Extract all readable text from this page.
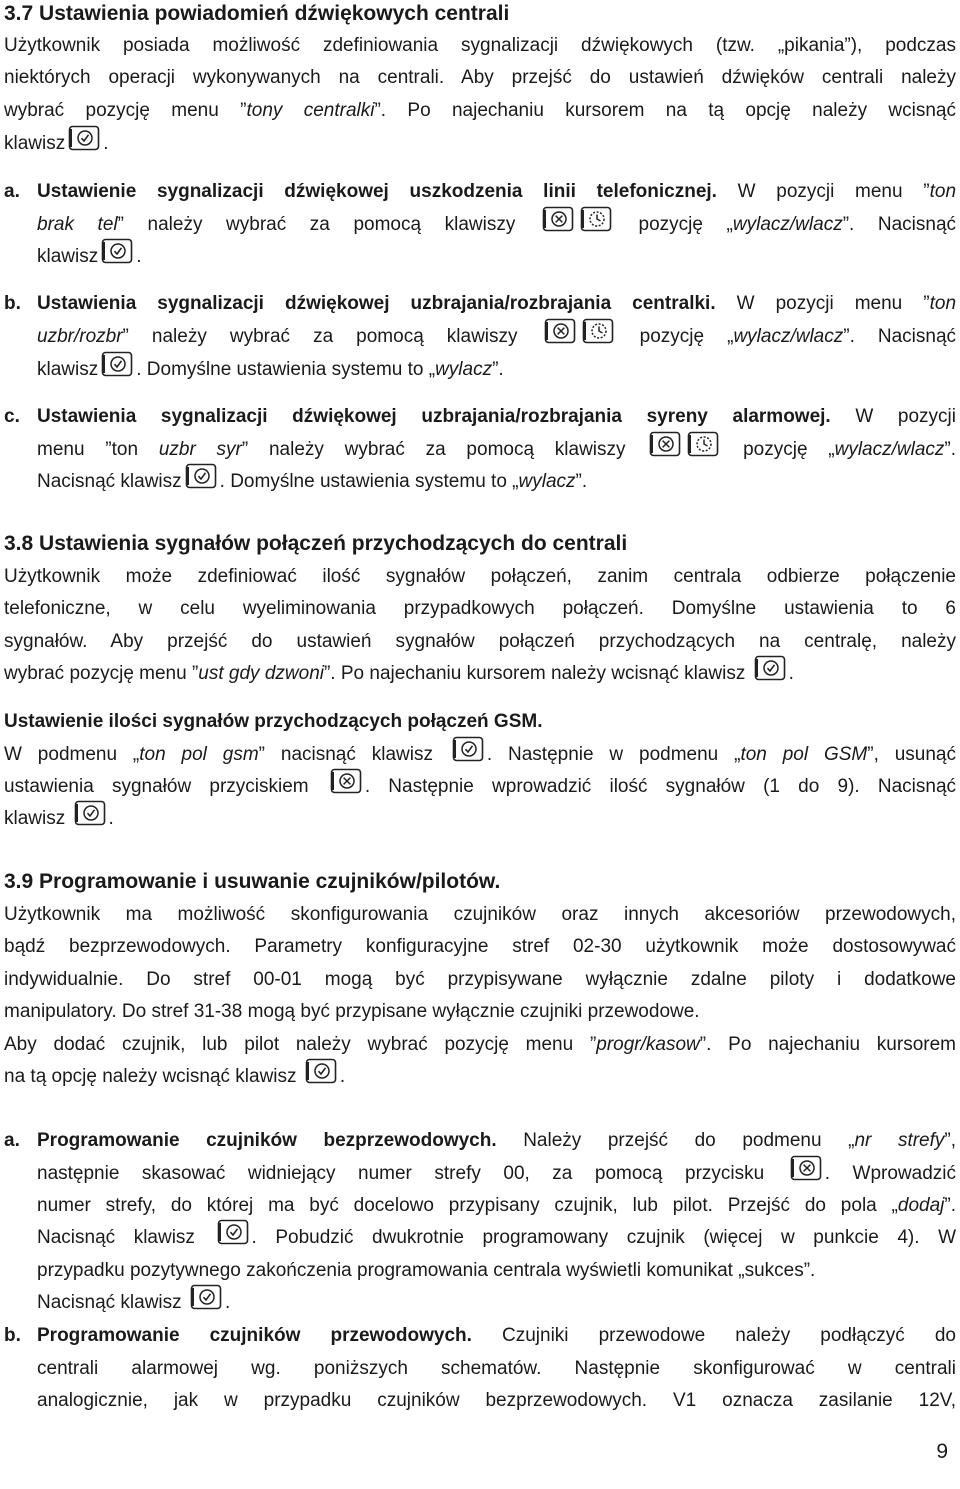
3.7 Ustawienia powiadomień dźwiękowych centrali
Użytkownik posiada możliwość zdefiniowania sygnalizacji dźwiękowych (tzw. „pikania”), podczas
niektórych operacji wykonywanych na centrali. Aby przejść do ustawień dźwięków centrali należy
wybrać pozycję menu ”tony centralki”. Po najechaniu kursorem na tą opcję należy wcisnąć
klawisz .
a. Ustawienie sygnalizacji dźwiękowej uszkodzenia linii telefonicznej. W pozycji menu ”ton
brak tel” należy wybrać za pomocą klawiszy	pozycję „wylacz/wlacz”. Nacisnąć
klawisz .
b. Ustawienia sygnalizacji dźwiękowej uzbrajania/rozbrajania centralki. W pozycji menu ”ton
uzbr/rozbr” należy wybrać za pomocą klawiszy	pozycję „wylacz/wlacz”. Nacisnąć
klawisz . Domyślne ustawienia systemu to „wylacz”.
c. Ustawienia sygnalizacji dźwiękowej uzbrajania/rozbrajania syreny alarmowej. W pozycji
menu ”ton uzbr syr” należy wybrać za pomocą klawiszy	pozycję „wylacz/wlacz”.
Nacisnąć klawisz . Domyślne ustawienia systemu to „wylacz”.
3.8 Ustawienia sygnałów połączeń przychodzących do centrali
Użytkownik może zdefiniować ilość sygnałów połączeń, zanim centrala odbierze połączenie
telefoniczne, w celu wyeliminowania przypadkowych połączeń. Domyślne ustawienia to 6
sygnałów. Aby przejść do ustawień sygnałów połączeń przychodzących na centralę, należy
wybrać pozycję menu ”ust gdy dzwoni”. Po najechaniu kursorem należy wcisnąć klawisz .
Ustawienie ilości sygnałów przychodzących połączeń GSM.
W podmenu „ton pol gsm” nacisnąć klawisz	. Następnie w podmenu „ton pol GSM”, usunąć
ustawienia sygnałów przyciskiem	. Następnie wprowadzić ilość sygnałów (1 do 9). Nacisnąć
klawisz .
3.9 Programowanie i usuwanie czujników/pilotów.
Użytkownik ma możliwość skonfigurowania czujników oraz innych akcesoriów przewodowych,
bądź bezprzewodowych. Parametry konfiguracyjne stref 02-30 użytkownik może dostosowywać
indywidualnie. Do stref 00-01 mogą być przypisywane wyłącznie zdalne piloty i dodatkowe
manipulatory. Do stref 31-38 mogą być przypisane wyłącznie czujniki przewodowe.
Aby dodać czujnik, lub pilot należy wybrać pozycję menu ”progr/kasow”. Po najechaniu kursorem
na tą opcję należy wcisnąć klawisz .
a. Programowanie czujników bezprzewodowych. Należy przejść do podmenu „nr strefy”,
następnie skasować widniejący numer strefy 00, za pomocą przycisku	. Wprowadzić
numer strefy, do której ma być docelowo przypisany czujnik, lub pilot. Przejść do pola „dodaj”.
Nacisnąć klawisz	. Pobudzić dwukrotnie programowany czujnik (więcej w punkcie 4). W
przypadku pozytywnego zakończenia programowania centrala wyświetli komunikat „sukces”.
Nacisnąć klawisz .
b. Programowanie czujników przewodowych. Czujniki przewodowe należy podłączyć do
centrali alarmowej wg. poniższych schematów. Następnie skonfigurować w centrali
analogicznie, jak w przypadku czujników bezprzewodowych. V1 oznacza zasilanie 12V,
9
